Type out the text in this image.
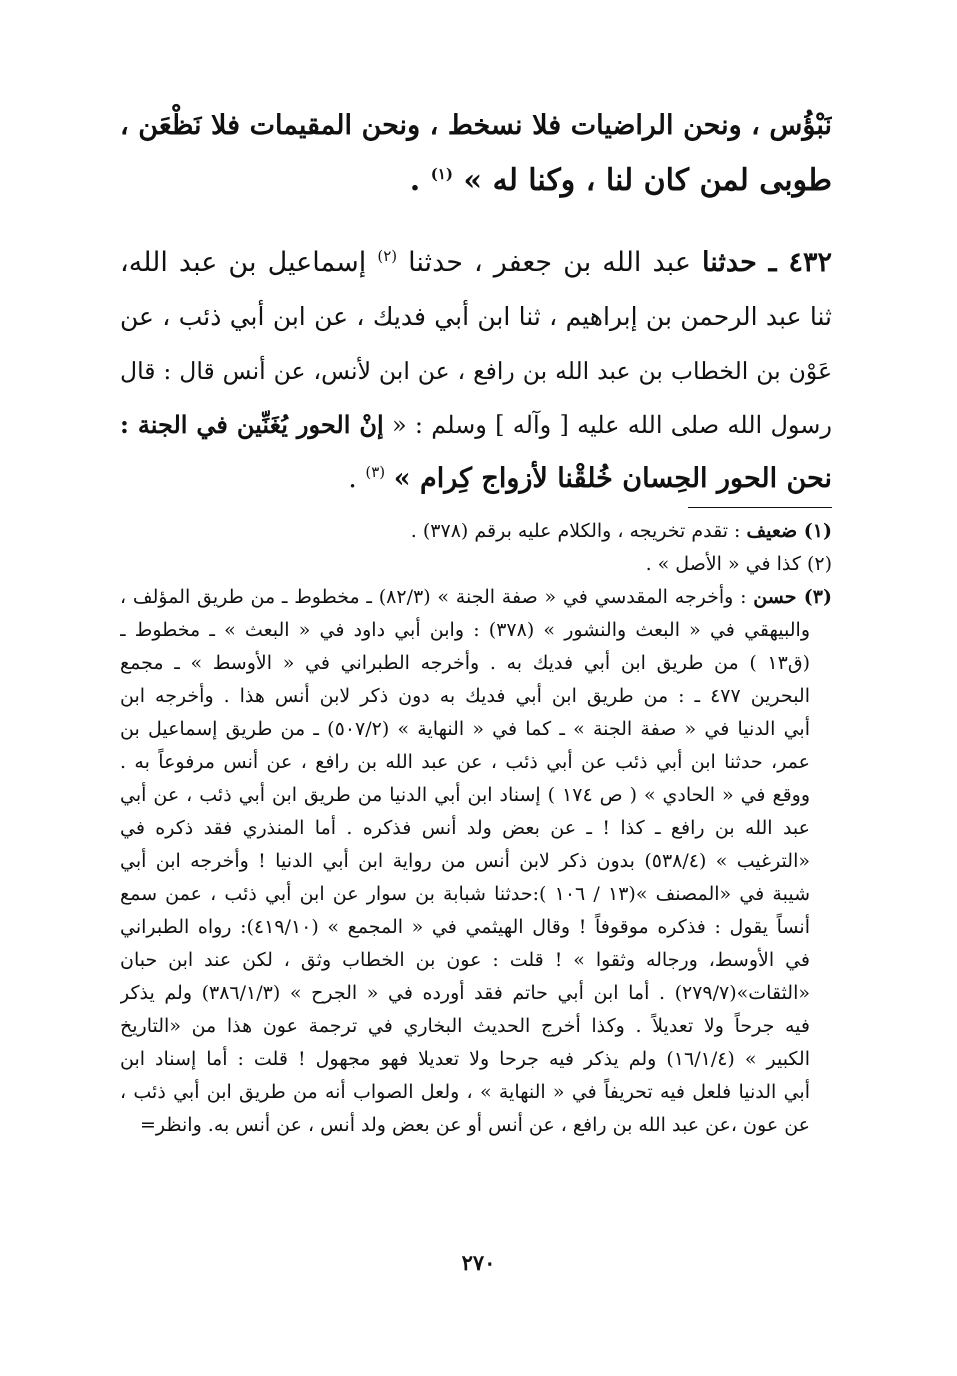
نَبْؤُس ، ونحن الراضيات فلا نسخط ، ونحن المقيمات فلا نَظْعَن ،
طوبى لمن كان لنا ، وكنا له » $^{(١)}$ .
٤٣٢ ـ حدثنا عبد الله بن جعفر ، حدثنا $^{(٢)}$ إسماعيل بن عبد الله،
ثنا عبد الرحمن بن إبراهيم ، ثنا ابن أبي فديك ، عن ابن أبي ذئب ، عن
عَوْن بن الخطاب بن عبد الله بن رافع ، عن ابن لأنس، عن أنس قال : قال
رسول الله صلى الله عليه [ وآله ] وسلم : « إنْ الحور يُغَنِّين في الجنة :
نحن الحور الحِسان خُلقْنا لأزواج كِرام » $^{(٣)}$ .
(١) ضعيف : تقدم تخريجه ، والكلام عليه برقم (٣٧٨) .
(٢) كذا في « الأصل » .
(٣) حسن : وأخرجه المقدسي في « صفة الجنة » (٨٢/٣) ـ مخطوط ـ من طريق المؤلف ،
والبيهقي في « البعث والنشور » (٣٧٨) : وابن أبي داود في « البعث » ـ مخطوط ـ
(ق١٣ ) من طريق ابن أبي فديك به . وأخرجه الطبراني في « الأوسط » ـ مجمع
البحرين ٤٧٧ ـ : من طريق ابن أبي فديك به دون ذكر لابن أنس هذا . وأخرجه ابن
أبي الدنيا في « صفة الجنة » ـ كما في « النهاية » (٥٠٧/٢) ـ من طريق إسماعيل بن
عمر، حدثنا ابن أبي ذئب عن أبي ذئب ، عن عبد الله بن رافع ، عن أنس مرفوعاً به .
ووقع في « الحادي » ( ص ١٧٤ ) إسناد ابن أبي الدنيا من طريق ابن أبي ذئب ، عن أبي
عبد الله بن رافع ـ كذا ! ـ عن بعض ولد أنس فذكره . أما المنذري فقد ذكره في
«الترغيب » (٥٣٨/٤) بدون ذكر لابن أنس من رواية ابن أبي الدنيا ! وأخرجه ابن أبي
شيبة في «المصنف »(١٣ / ١٠٦ ):حدثنا شبابة بن سوار عن ابن أبي ذئب ، عمن سمع
أنساً يقول : فذكره موقوفاً ! وقال الهيثمي في « المجمع » (٤١٩/١٠): رواه الطبراني
في الأوسط، ورجاله وثقوا » ! قلت : عون بن الخطاب وثق ، لكن عند ابن حبان
«الثقات»(٢٧٩/٧) . أما ابن أبي حاتم فقد أورده في « الجرح » (٣٨٦/١/٣) ولم يذكر
فيه جرحاً ولا تعديلاً . وكذا أخرج الحديث البخاري في ترجمة عون هذا من «التاريخ
الكبير » (١٦/١/٤) ولم يذكر فيه جرحا ولا تعديلا فهو مجهول ! قلت : أما إسناد ابن
أبي الدنيا فلعل فيه تحريفاً في « النهاية » ، ولعل الصواب أنه من طريق ابن أبي ذئب ،
عن عون ،عن عبد الله بن رافع ، عن أنس أو عن بعض ولد أنس ، عن أنس به. وانظر=
٢٧٠
